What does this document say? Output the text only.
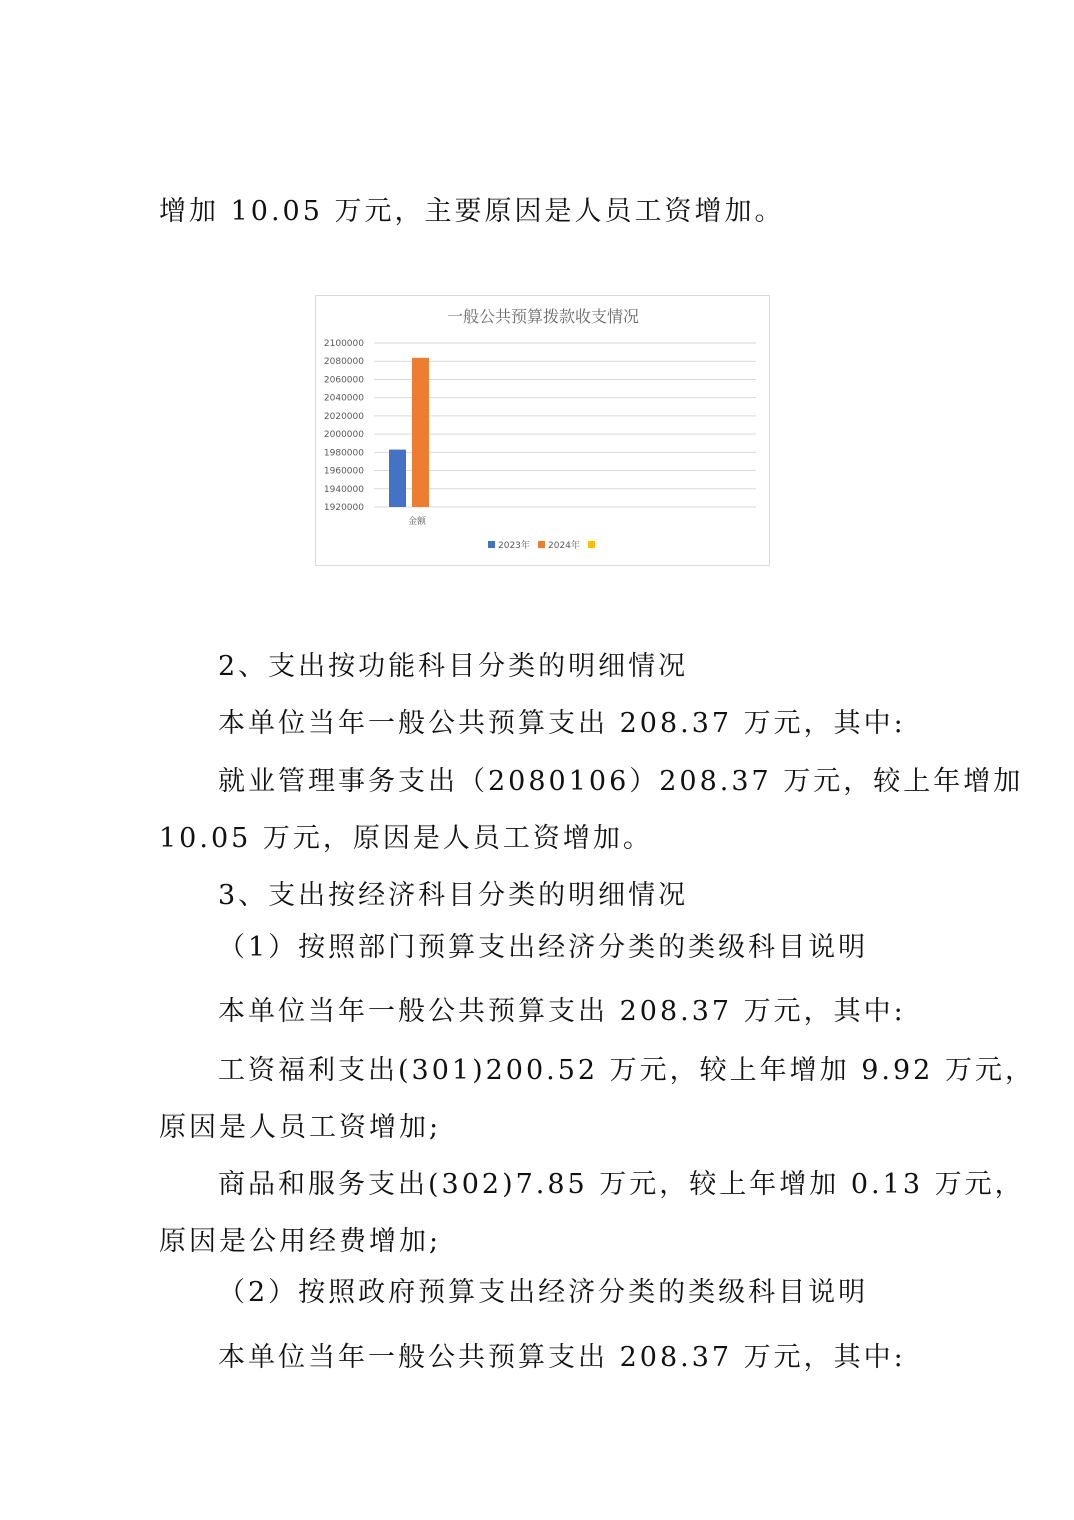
增加 10.05 万元，主要原因是人员工资增加。
一般公共预算拨款收支情况
1920000
1940000
1960000
1980000
2000000
2020000
2040000
2060000
2080000
2100000
金额
2023年 2024年
2、支出按功能科目分类的明细情况
本单位当年一般公共预算支出 208.37 万元，其中:
就业管理事务支出（2080106）208.37 万元，较上年增加
10.05 万元，原因是人员工资增加。
3、支出按经济科目分类的明细情况
（1）按照部门预算支出经济分类的类级科目说明
本单位当年一般公共预算支出 208.37 万元，其中:
工资福利支出(301)200.52 万元，较上年增加 9.92 万元，
原因是人员工资增加;
商品和服务支出(302)7.85 万元，较上年增加 0.13 万元，
原因是公用经费增加;
（2）按照政府预算支出经济分类的类级科目说明
本单位当年一般公共预算支出 208.37 万元，其中:
